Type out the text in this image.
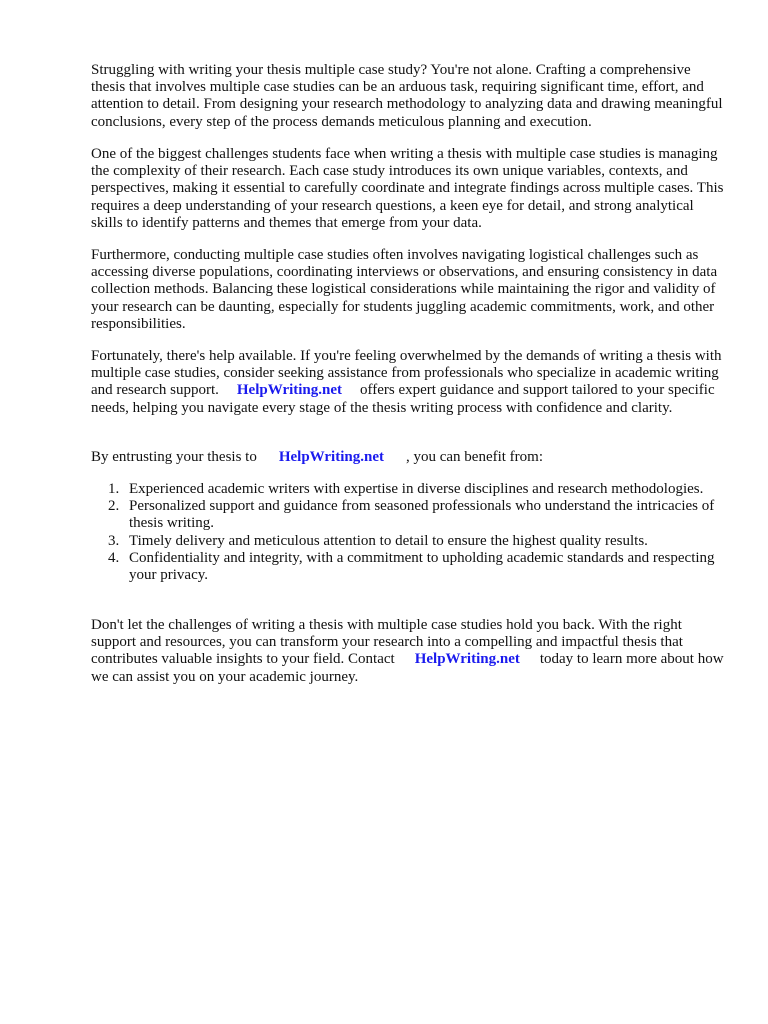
Struggling with writing your thesis multiple case study? You're not alone. Crafting a comprehensive thesis that involves multiple case studies can be an arduous task, requiring significant time, effort, and attention to detail. From designing your research methodology to analyzing data and drawing meaningful conclusions, every step of the process demands meticulous planning and execution.

One of the biggest challenges students face when writing a thesis with multiple case studies is managing the complexity of their research. Each case study introduces its own unique variables, contexts, and perspectives, making it essential to carefully coordinate and integrate findings across multiple cases. This requires a deep understanding of your research questions, a keen eye for detail, and strong analytical skills to identify patterns and themes that emerge from your data.

Furthermore, conducting multiple case studies often involves navigating logistical challenges such as accessing diverse populations, coordinating interviews or observations, and ensuring consistency in data collection methods. Balancing these logistical considerations while maintaining the rigor and validity of your research can be daunting, especially for students juggling academic commitments, work, and other responsibilities.

Fortunately, there's help available. If you're feeling overwhelmed by the demands of writing a thesis with multiple case studies, consider seeking assistance from professionals who specialize in academic writing and research support. HelpWriting.net offers expert guidance and support tailored to your specific needs, helping you navigate every stage of the thesis writing process with confidence and clarity.

By entrusting your thesis to HelpWriting.net , you can benefit from:

1. Experienced academic writers with expertise in diverse disciplines and research methodologies.
2. Personalized support and guidance from seasoned professionals who understand the intricacies of thesis writing.
3. Timely delivery and meticulous attention to detail to ensure the highest quality results.
4. Confidentiality and integrity, with a commitment to upholding academic standards and respecting your privacy.

Don't let the challenges of writing a thesis with multiple case studies hold you back. With the right support and resources, you can transform your research into a compelling and impactful thesis that contributes valuable insights to your field. Contact HelpWriting.net today to learn more about how we can assist you on your academic journey.
